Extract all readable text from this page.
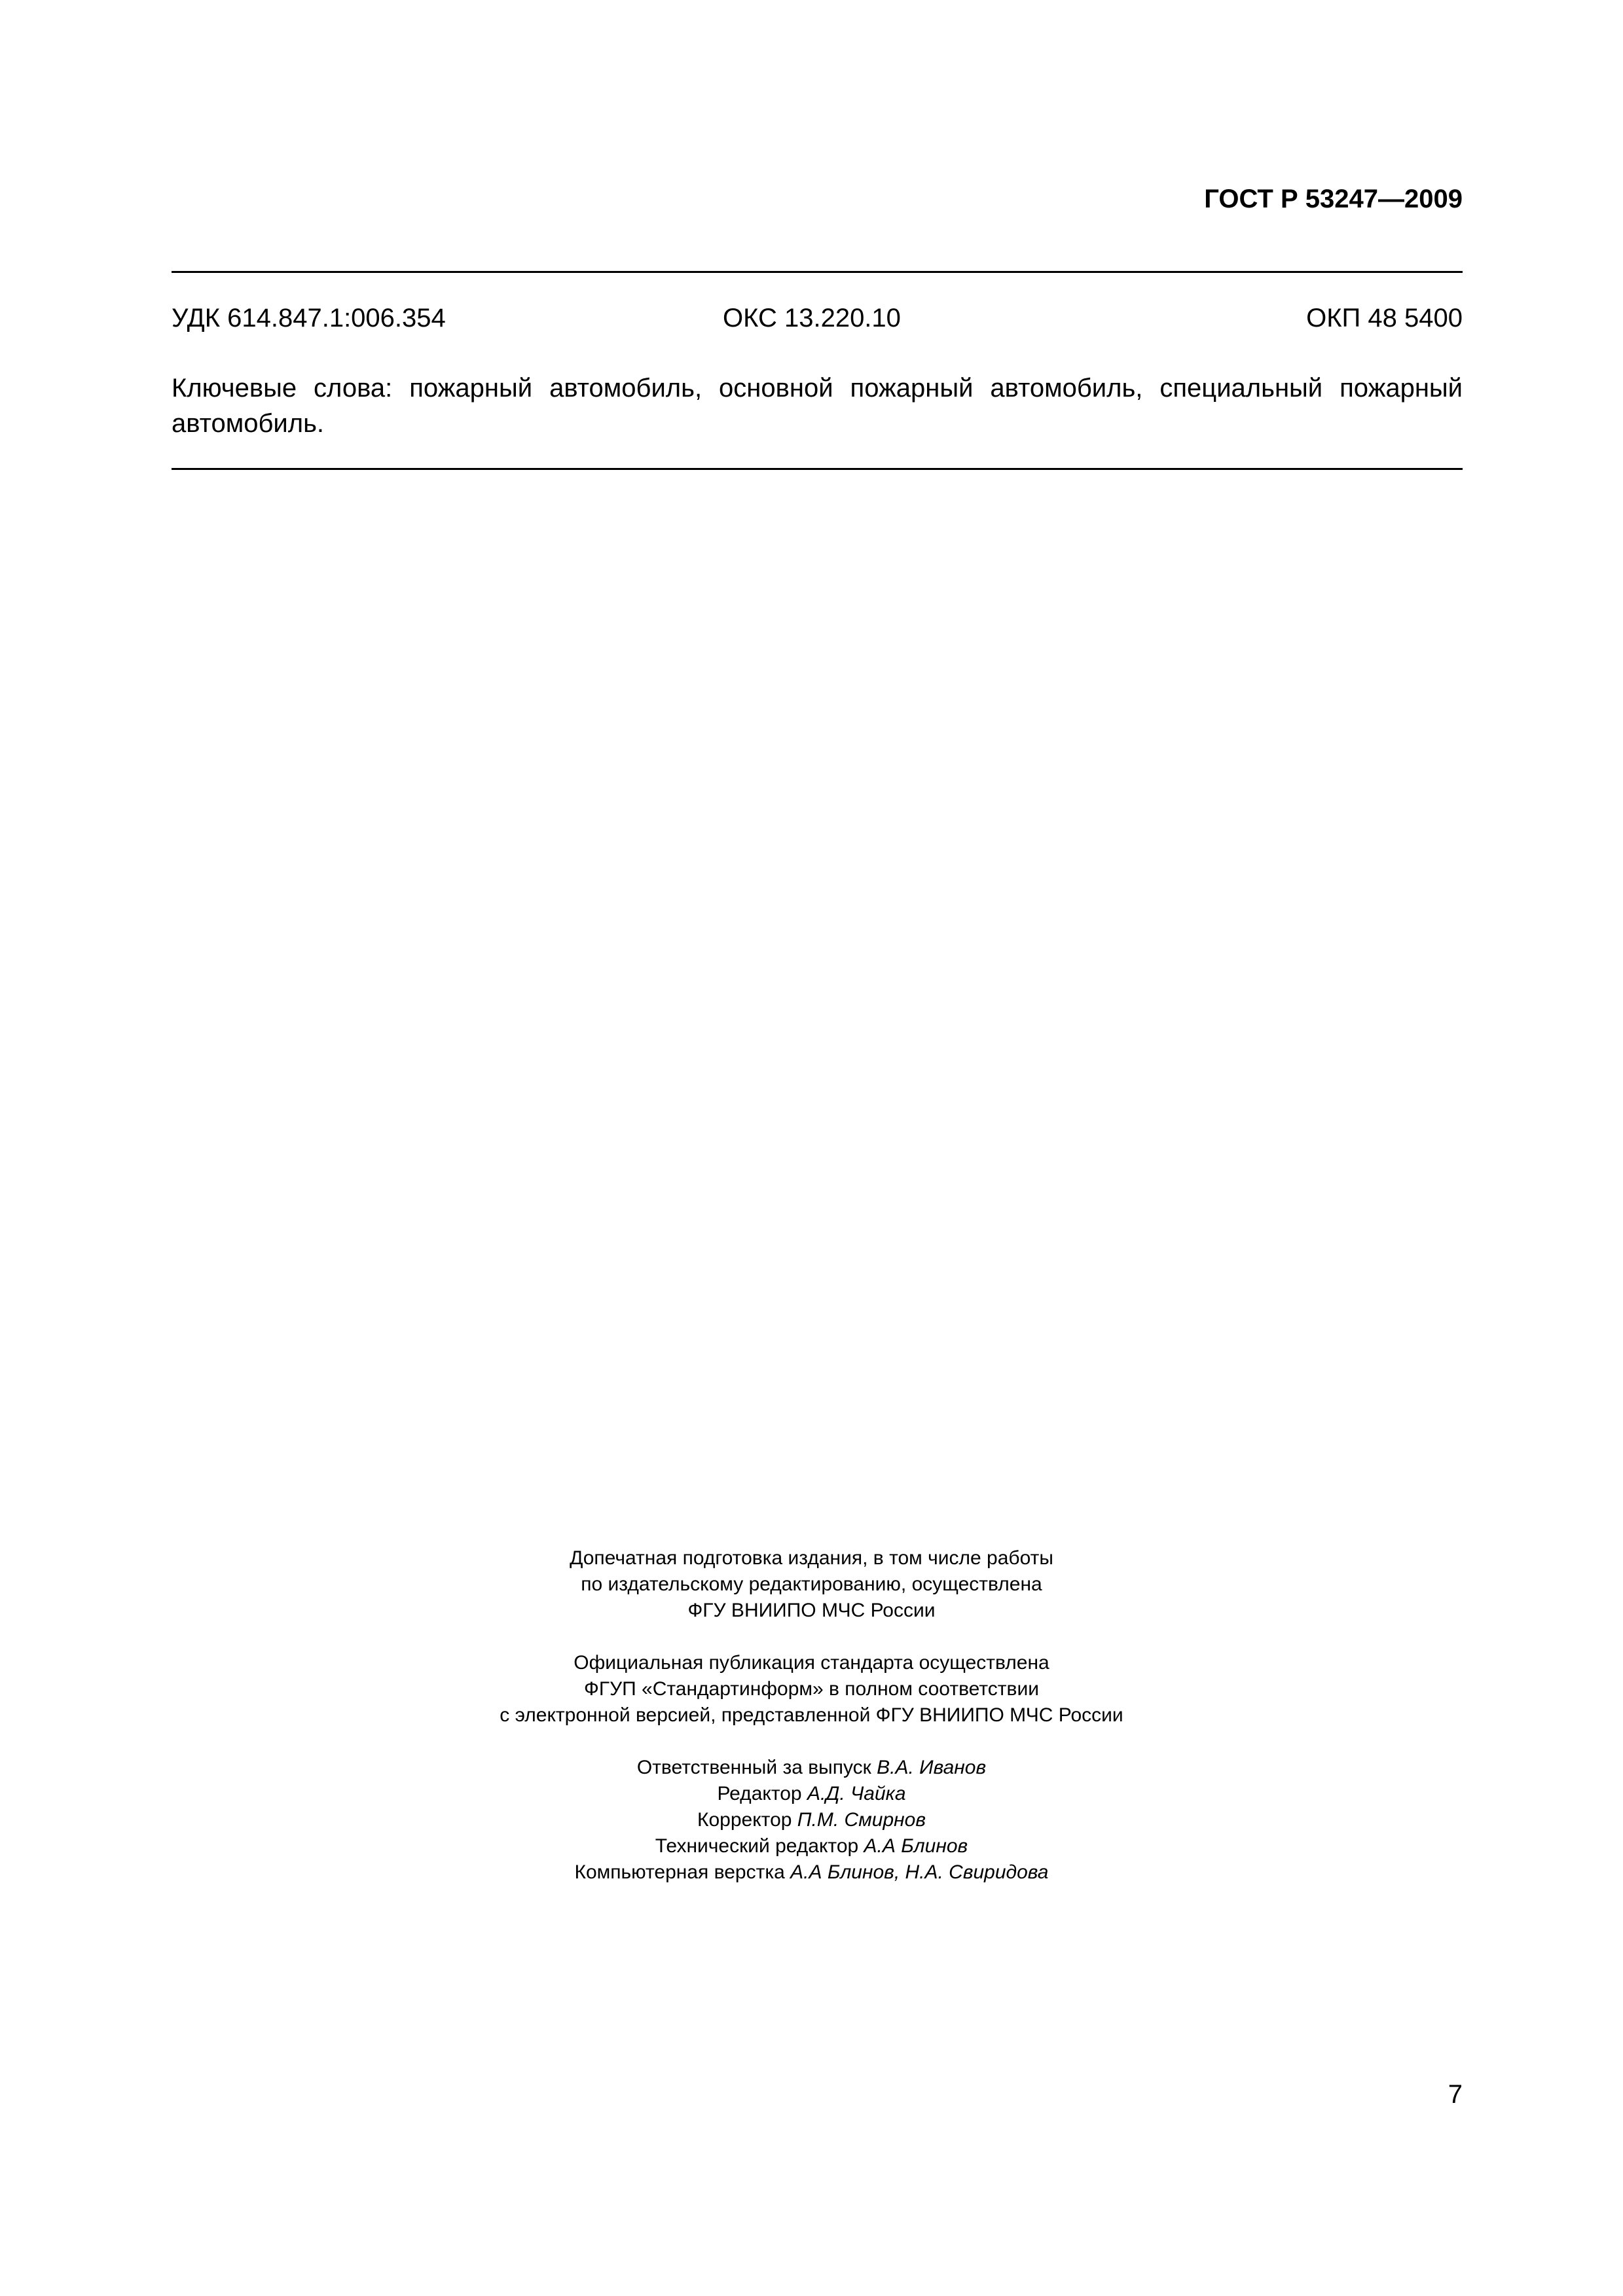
ГОСТ Р 53247—2009
УДК 614.847.1:006.354	ОКС 13.220.10	ОКП 48 5400
Ключевые слова: пожарный автомобиль, основной пожарный автомобиль, специальный пожарный автомобиль.
Допечатная подготовка издания, в том числе работы
по издательскому редактированию, осуществлена
ФГУ ВНИИПО МЧС России
Официальная публикация стандарта осуществлена
ФГУП «Стандартинформ» в полном соответствии
с электронной версией, представленной ФГУ ВНИИПО МЧС России
Ответственный за выпуск В.А. Иванов
Редактор А.Д. Чайка
Корректор П.М. Смирнов
Технический редактор А.А Блинов
Компьютерная верстка А.А Блинов, Н.А. Свиридова
7
